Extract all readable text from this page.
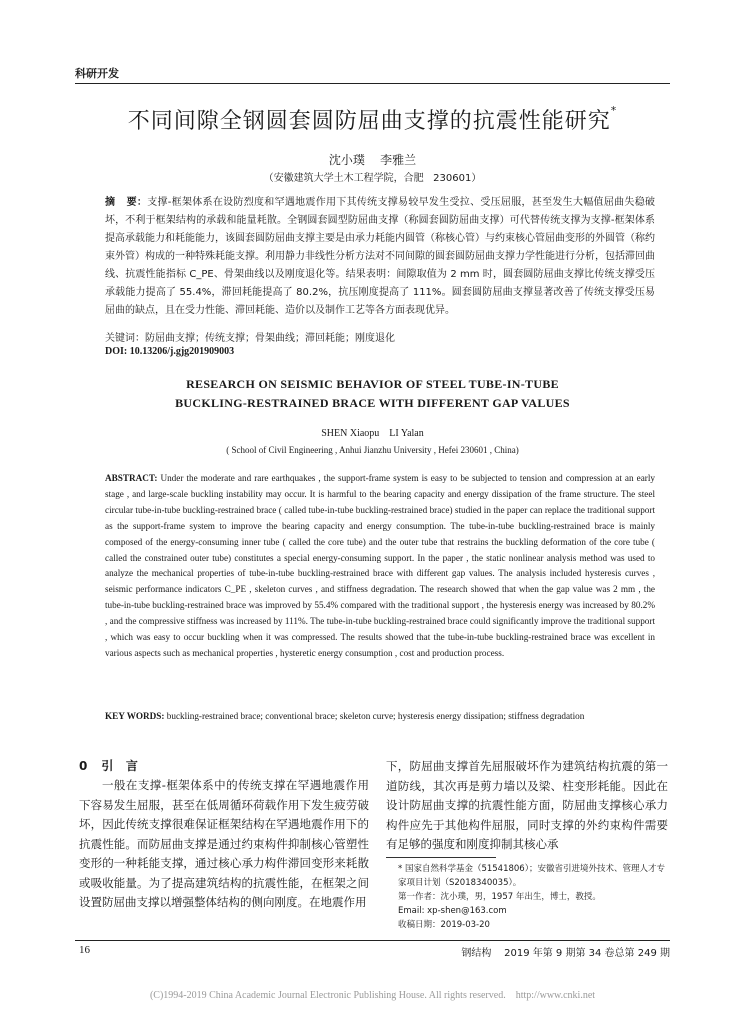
科研开发
不同间隙全钢圆套圆防屈曲支撑的抗震性能研究*
沈小璞    李雅兰
（安徽建筑大学土木工程学院，合肥   230601）
摘   要：支撑-框架体系在设防烈度和罕遇地震作用下其传统支撑易较早发生受拉、受压屈服，甚至发生大幅值屈曲失稳破坏，不利于框架结构的承载和能量耗散。全钢圆套圆型防屈曲支撑（称圆套圆防屈曲支撑）可代替传统支撑为支撑-框架体系提高承载能力和耗能能力，该圆套圆防屈曲支撑主要是由承力耗能内圆管（称核心管）与约束核心管屈曲变形的外圆管（称约束外管）构成的一种特殊耗能支撑。利用静力非线性分析方法对不同间隙的圆套圆防屈曲支撑力学性能进行分析，包括滞回曲线、抗震性能指标 C_PE、骨架曲线以及刚度退化等。结果表明：间隙取值为 2 mm 时，圆套圆防屈曲支撑比传统支撑受压承载能力提高了 55.4%，滞回耗能提高了 80.2%，抗压刚度提高了 111%。圆套圆防屈曲支撑显著改善了传统支撑受压易屈曲的缺点，且在受力性能、滞回耗能、造价以及制作工艺等各方面表现优异。
关键词：防屈曲支撑；传统支撑；骨架曲线；滞回耗能；刚度退化
DOI: 10.13206/j.gjg201909003
RESEARCH ON SEISMIC BEHAVIOR OF STEEL TUBE-IN-TUBE
BUCKLING-RESTRAINED BRACE WITH DIFFERENT GAP VALUES
SHEN Xiaopu    LI Yalan
( School of Civil Engineering , Anhui Jianzhu University , Hefei 230601 , China)
ABSTRACT: Under the moderate and rare earthquakes , the support-frame system is easy to be subjected to tension and compression at an early stage , and large-scale buckling instability may occur. It is harmful to the bearing capacity and energy dissipation of the frame structure. The steel circular tube-in-tube buckling-restrained brace ( called tube-in-tube buckling-restrained brace) studied in the paper can replace the traditional support as the support-frame system to improve the bearing capacity and energy consumption. The tube-in-tube buckling-restrained brace is mainly composed of the energy-consuming inner tube ( called the core tube) and the outer tube that restrains the buckling deformation of the core tube ( called the constrained outer tube) constitutes a special energy-consuming support. In the paper , the static nonlinear analysis method was used to analyze the mechanical properties of tube-in-tube buckling-restrained brace with different gap values. The analysis included hysteresis curves , seismic performance indicators C_PE , skeleton curves , and stiffness degradation. The research showed that when the gap value was 2 mm , the tube-in-tube buckling-restrained brace was improved by 55.4% compared with the traditional support , the hysteresis energy was increased by 80.2% , and the compressive stiffness was increased by 111%. The tube-in-tube buckling-restrained brace could significantly improve the traditional support , which was easy to occur buckling when it was compressed. The results showed that the tube-in-tube buckling-restrained brace was excellent in various aspects such as mechanical properties , hysteretic energy consumption , cost and production process.
KEY WORDS: buckling-restrained brace; conventional brace; skeleton curve; hysteresis energy dissipation; stiffness degradation
0 引   言
一般在支撑-框架体系中的传统支撑在罕遇地震作用下容易发生屈服，甚至在低周循环荷载作用下发生疲劳破坏，因此传统支撑很难保证框架结构在罕遇地震作用下的抗震性能。而防屈曲支撑是通过约束构件抑制核心管塑性变形的一种耗能支撑，通过核心承力构件滞回变形来耗散或吸收能量。为了提高建筑结构的抗震性能，在框架之间设置防屈曲支撑以增强整体结构的侧向刚度。在地震作用
下，防屈曲支撑首先屈服破坏作为建筑结构抗震的第一道防线，其次再是剪力墙以及梁、柱变形耗能。因此在设计防屈曲支撑的抗震性能方面，防屈曲支撑核心承力构件应先于其他构件屈服，同时支撑的外约束构件需要有足够的强度和刚度抑制其核心承
* 国家自然科学基金（51541806）；安徽省引进境外技术、管理人才专家项目计划（S2018340035）。
第一作者：沈小璞，男，1957 年出生，博士，教授。
Email: xp-shen@163.com
收稿日期：2019-03-20
16	钢结构    2019 年第 9 期第 34 卷总第 249 期
(C)1994-2019 China Academic Journal Electronic Publishing House. All rights reserved.    http://www.cnki.net
